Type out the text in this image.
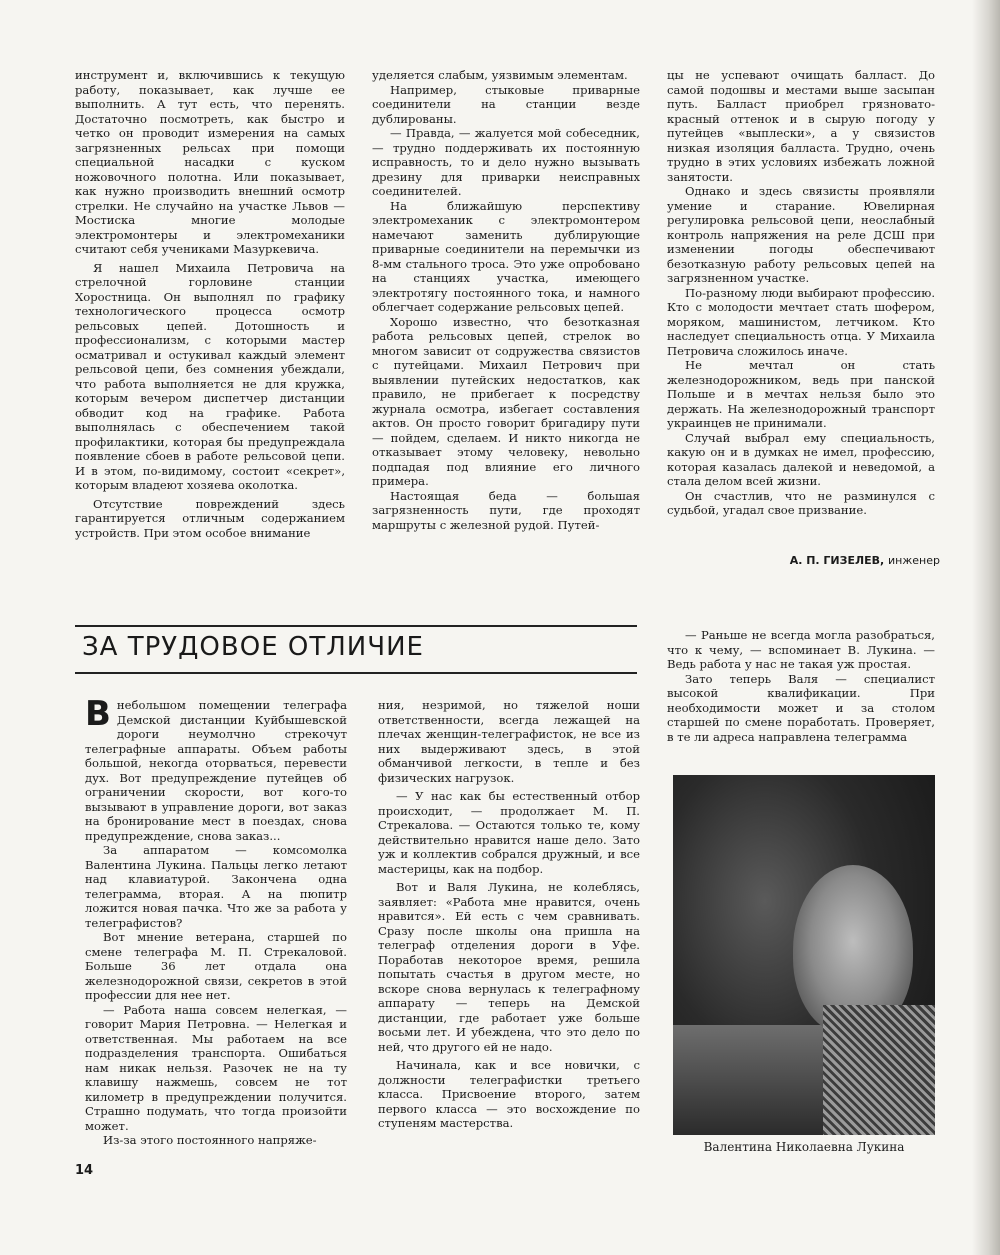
инструмент и, включившись к текущую работу, показывает, как лучше ее выполнить. А тут есть, что перенять. Достаточно посмотреть, как быстро и четко он проводит измерения на самых загрязненных рельсах при помощи специальной насадки с куском ножовочного полотна. Или показывает, как нужно производить внешний осмотр стрелки. Не случайно на участке Львов — Мостиска многие молодые электромонтеры и электромеханики считают себя учениками Мазуркевича.

Я нашел Михаила Петровича на стрелочной горловине станции Хоростница. Он выполнял по графику технологического процесса осмотр рельсовых цепей. Дотошность и профессионализм, с которыми мастер осматривал и остукивал каждый элемент рельсовой цепи, без сомнения убеждали, что работа выполняется не для кружка, которым вечером диспетчер дистанции обводит код на графике. Работа выполнялась с обеспечением такой профилактики, которая бы предупреждала появление сбоев в работе рельсовой цепи. И в этом, по-видимому, состоит «секрет», которым владеют хозяева околотка.

Отсутствие повреждений здесь гарантируется отличным содержанием устройств. При этом особое внимание

уделяется слабым, уязвимым элементам.

Например, стыковые приварные соединители на станции везде дублированы.

— Правда, — жалуется мой собеседник, — трудно поддерживать их постоянную исправность, то и дело нужно вызывать дрезину для приварки неисправных соединителей.

На ближайшую перспективу электромеханик с электромонтером намечают заменить дублирующие приварные соединители на перемычки из 8-мм стального троса. Это уже опробовано на станциях участка, имеющего электротягу постоянного тока, и намного облегчает содержание рельсовых цепей.

Хорошо известно, что безотказная работа рельсовых цепей, стрелок во многом зависит от содружества связистов с путейцами. Михаил Петрович при выявлении путейских недостатков, как правило, не прибегает к посредству журнала осмотра, избегает составления актов. Он просто говорит бригадиру пути — пойдем, сделаем. И никто никогда не отказывает этому человеку, невольно подпадая под влияние его личного примера.

Настоящая беда — большая загрязненность пути, где проходят маршруты с железной рудой. Путей-

цы не успевают очищать балласт. До самой подошвы и местами выше засыпан путь. Балласт приобрел грязновато-красный оттенок и в сырую погоду у путейцев «выплески», а у связистов низкая изоляция балласта. Трудно, очень трудно в этих условиях избежать ложной занятости.

Однако и здесь связисты проявляли умение и старание. Ювелирная регулировка рельсовой цепи, неослабный контроль напряжения на реле ДСШ при изменении погоды обеспечивают безотказную работу рельсовых цепей на загрязненном участке.

По-разному люди выбирают профессию. Кто с молодости мечтает стать шофером, моряком, машинистом, летчиком. Кто наследует специальность отца. У Михаила Петровича сложилось иначе.

Не мечтал он стать железнодорожником, ведь при панской Польше и в мечтах нельзя было это держать. На железнодорожный транспорт украинцев не принимали.

Случай выбрал ему специальность, какую он и в думках не имел, профессию, которая казалась далекой и неведомой, а стала делом всей жизни.

Он счастлив, что не разминулся с судьбой, угадал свое призвание.

А. П. ГИЗЕЛЕВ, инженер
ЗА ТРУДОВОЕ ОТЛИЧИЕ

Внебольшом помещении телеграфа Демской дистанции Куйбышевской дороги неумолчно стрекочут телеграфные аппараты. Объем работы большой, некогда оторваться, перевести дух. Вот предупреждение путейцев об ограничении скорости, вот кого-то вызывают в управление дороги, вот заказ на бронирование мест в поездах, снова предупреждение, снова заказ...

За аппаратом — комсомолка Валентина Лукина. Пальцы легко летают над клавиатурой. Закончена одна телеграмма, вторая. А на пюпитр ложится новая пачка. Что же за работа у телеграфистов?

Вот мнение ветерана, старшей по смене телеграфа М. П. Стрекаловой. Больше 36 лет отдала она железнодорожной связи, секретов в этой профессии для нее нет.

— Работа наша совсем нелегкая, — говорит Мария Петровна. — Нелегкая и ответственная. Мы работаем на все подразделения транспорта. Ошибаться нам никак нельзя. Разочек не на ту клавишу нажмешь, совсем не тот километр в предупреждении получится. Страшно подумать, что тогда произойти может.

Из-за этого постоянного напряже-

ния, незримой, но тяжелой ноши ответственности, всегда лежащей на плечах женщин-телеграфисток, не все из них выдерживают здесь, в этой обманчивой легкости, в тепле и без физических нагрузок.

— У нас как бы естественный отбор происходит, — продолжает М. П. Стрекалова. — Остаются только те, кому действительно нравится наше дело. Зато уж и коллектив собрался дружный, и все мастерицы, как на подбор.

Вот и Валя Лукина, не колеблясь, заявляет: «Работа мне нравится, очень нравится». Ей есть с чем сравнивать. Сразу после школы она пришла на телеграф отделения дороги в Уфе. Поработав некоторое время, решила попытать счастья в другом месте, но вскоре снова вернулась к телеграфному аппарату — теперь на Демской дистанции, где работает уже больше восьми лет. И убеждена, что это дело по ней, что другого ей не надо.

Начинала, как и все новички, с должности телеграфистки третьего класса. Присвоение второго, затем первого класса — это восхождение по ступеням мастерства.

— Раньше не всегда могла разобраться, что к чему, — вспоминает В. Лукина. — Ведь работа у нас не такая уж простая.

Зато теперь Валя — специалист высокой квалификации. При необходимости может и за столом старшей по смене поработать. Проверяет, в те ли адреса направлена телеграмма

Валентина Николаевна Лукина
14
